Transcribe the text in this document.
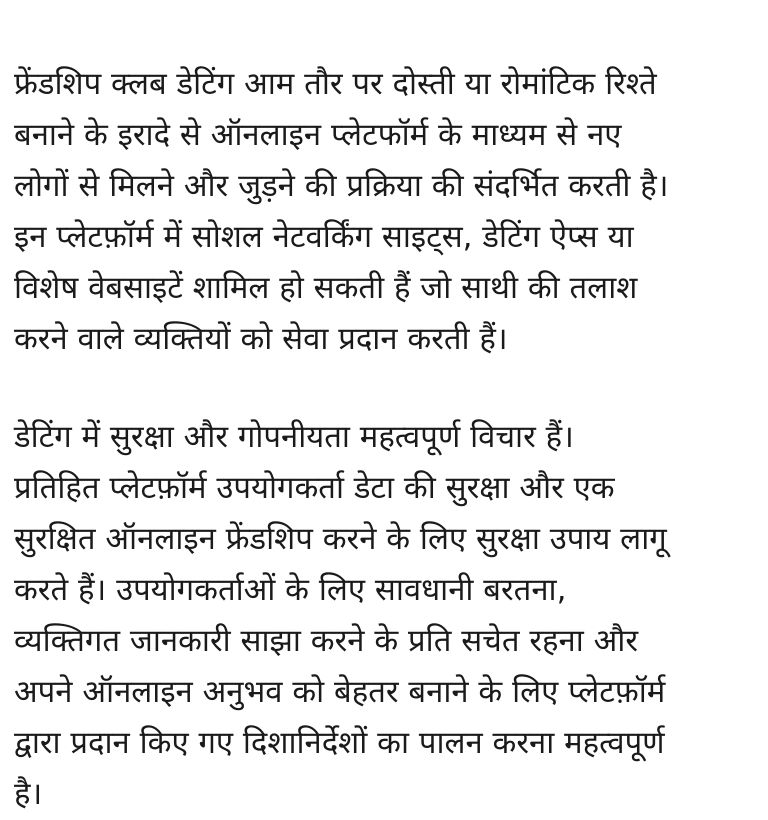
फ्रेंडशिप क्लब डेटिंग आम तौर पर दोस्ती या रोमांटिक रिश्ते
बनाने के इरादे से ऑनलाइन प्लेटफॉर्म के माध्यम से नए
लोगों से मिलने और जुड़ने की प्रक्रिया की संदर्भित करती है।
इन प्लेटफ़ॉर्म में सोशल नेटवर्किंग साइट्स, डेटिंग ऐप्स या
विशेष वेबसाइटें शामिल हो सकती हैं जो साथी की तलाश
करने वाले व्यक्तियों को सेवा प्रदान करती हैं।
डेटिंग में सुरक्षा और गोपनीयता महत्वपूर्ण विचार हैं।
प्रतिहित प्लेटफ़ॉर्म उपयोगकर्ता डेटा की सुरक्षा और एक
सुरक्षित ऑनलाइन फ्रेंडशिप करने के लिए सुरक्षा उपाय लागू
करते हैं। उपयोगकर्ताओं के लिए सावधानी बरतना,
व्यक्तिगत जानकारी साझा करने के प्रति सचेत रहना और
अपने ऑनलाइन अनुभव को बेहतर बनाने के लिए प्लेटफ़ॉर्म
द्वारा प्रदान किए गए दिशानिर्देशों का पालन करना महत्वपूर्ण
है।
